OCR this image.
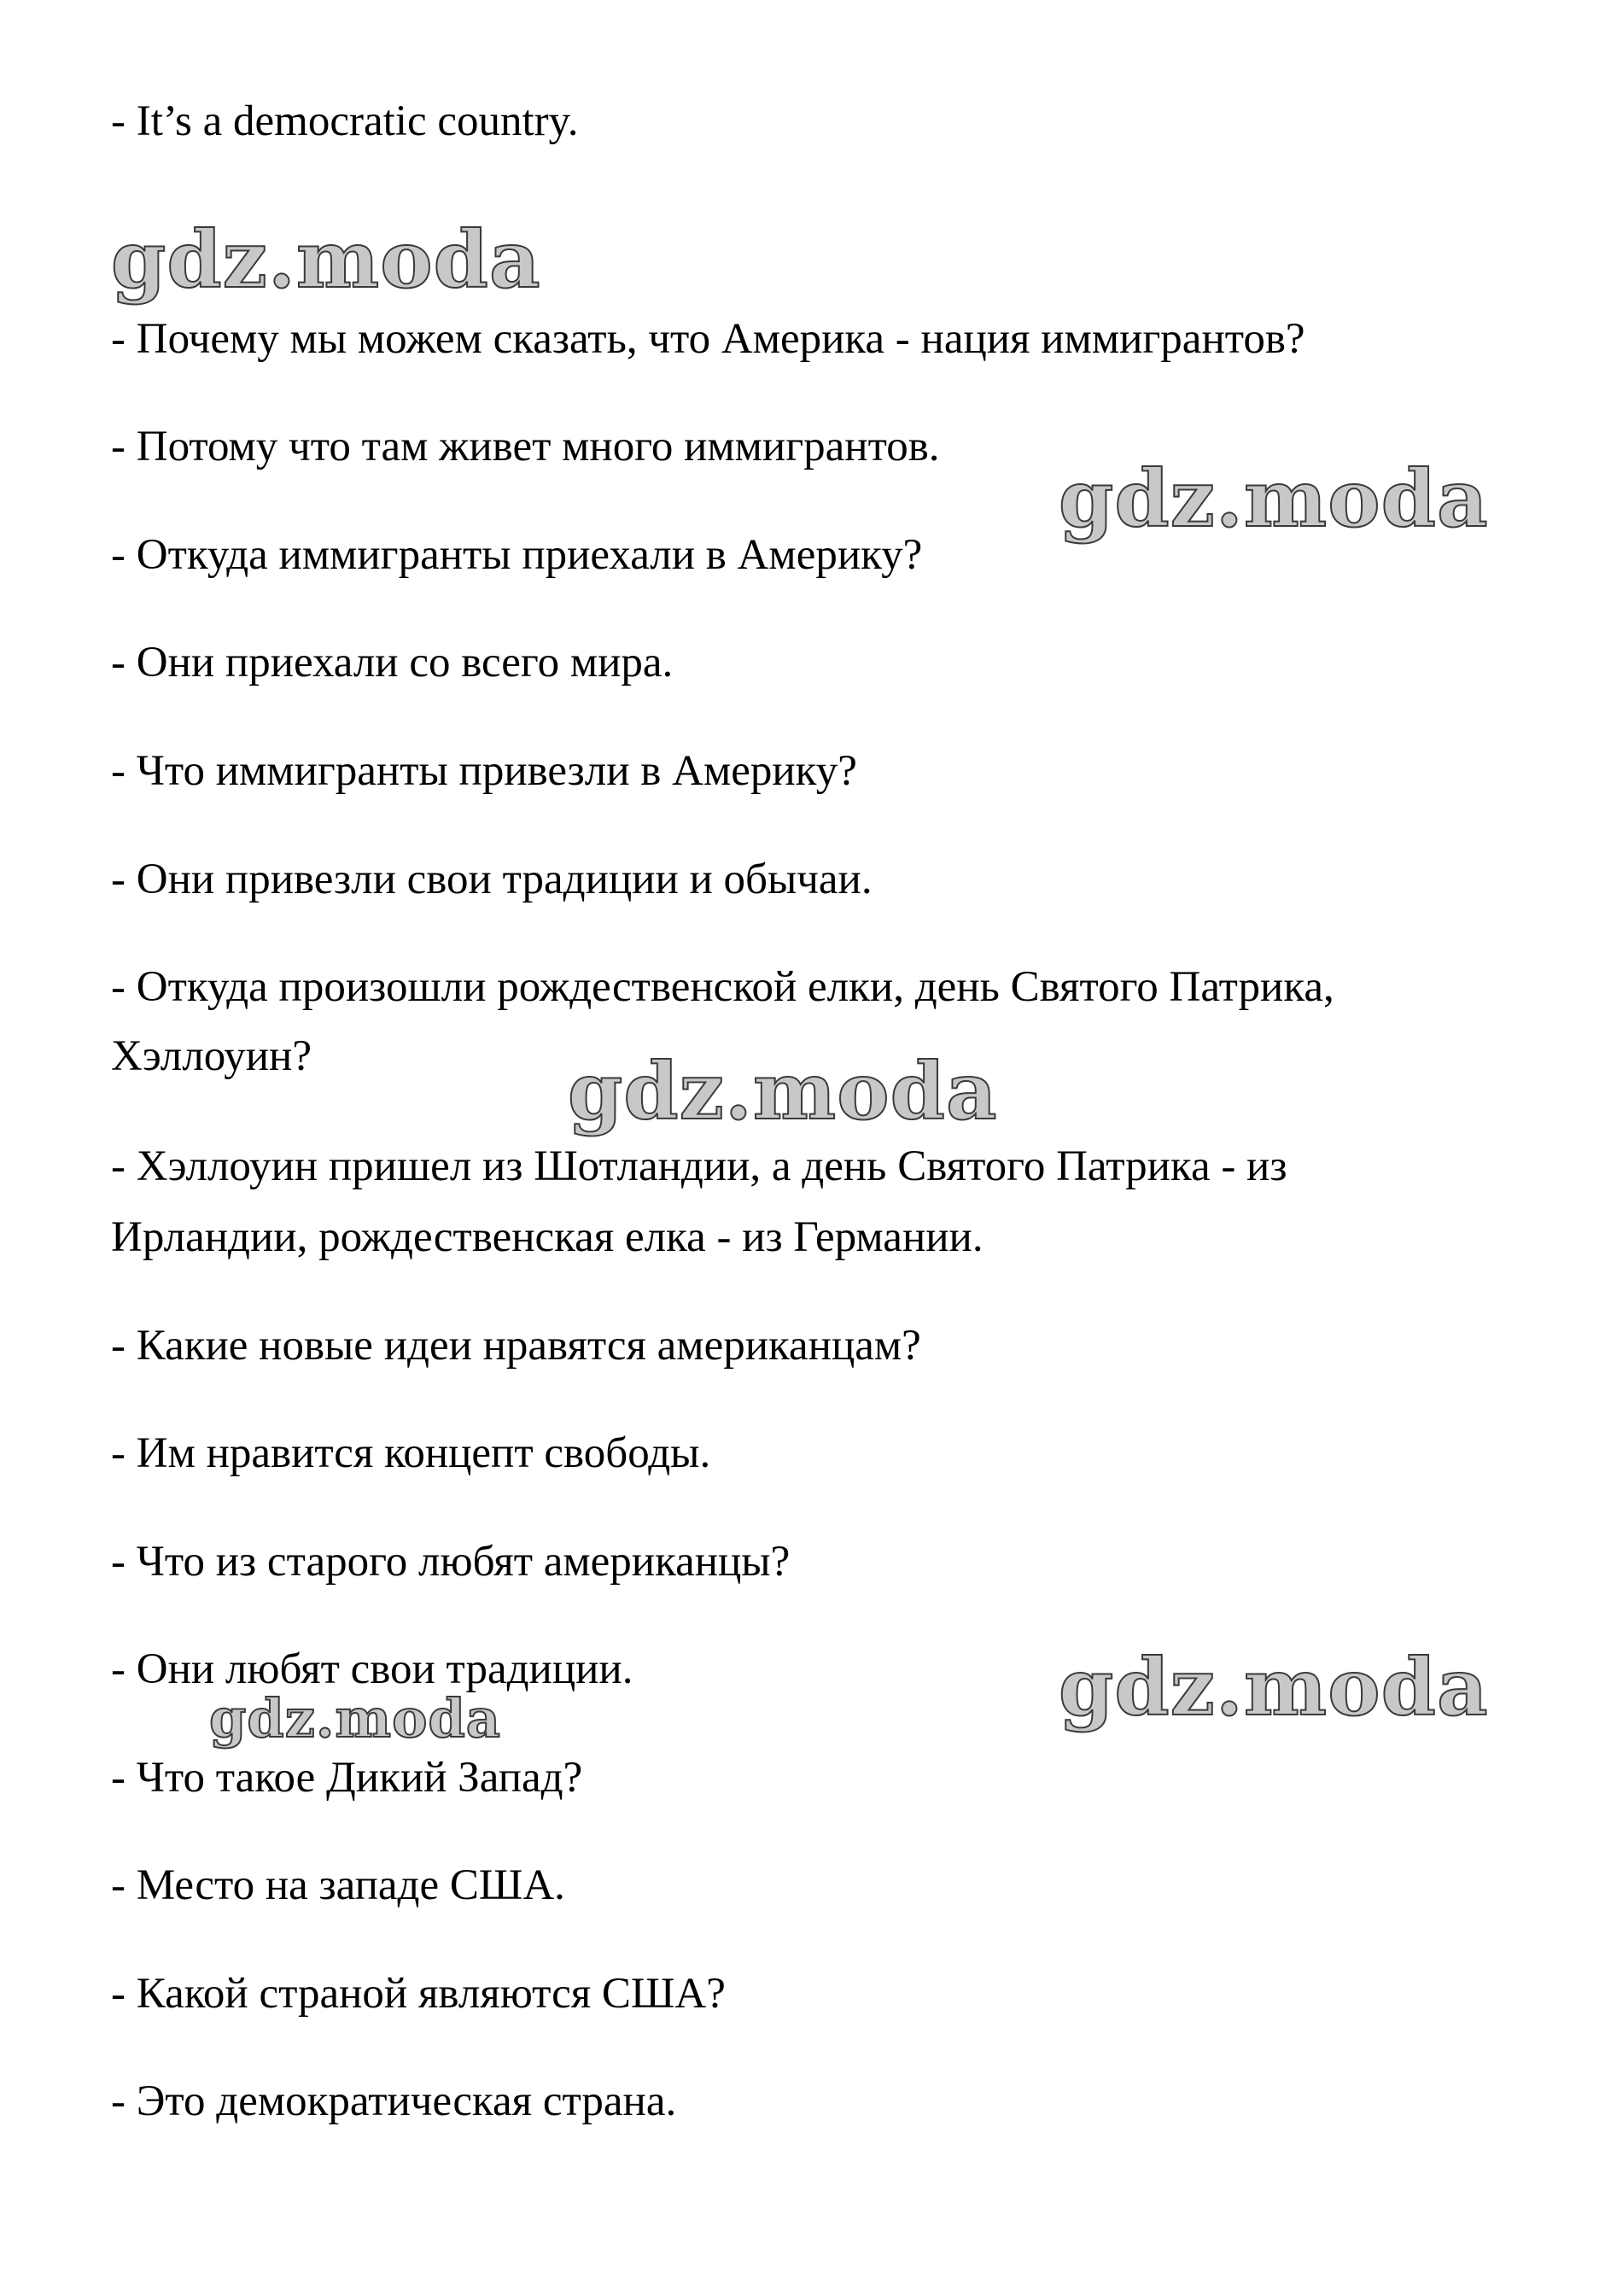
- It’s a democratic country.
gdz.moda
- Почему мы можем сказать, что Америка - нация иммигрантов?
- Потому что там живет много иммигрантов.
gdz.moda
- Откуда иммигранты приехали в Америку?
- Они приехали со всего мира.
- Что иммигранты привезли в Америку?
- Они привезли свои традиции и обычаи.
- Откуда произошли рождественской елки, день Святого Патрика,
Хэллоуин?	gdz.moda
- Хэллоуин пришел из Шотландии, а день Святого Патрика - из
Ирландии, рождественская елка - из Германии.
- Какие новые идеи нравятся американцам?
- Им нравится концепт свободы.
- Что из старого любят американцы?
- Они любят свои традиции.	gdz.moda
gdz.moda
- Что такое Дикий Запад?
- Место на западе США.
- Какой страной являются США?
- Это демократическая страна.
